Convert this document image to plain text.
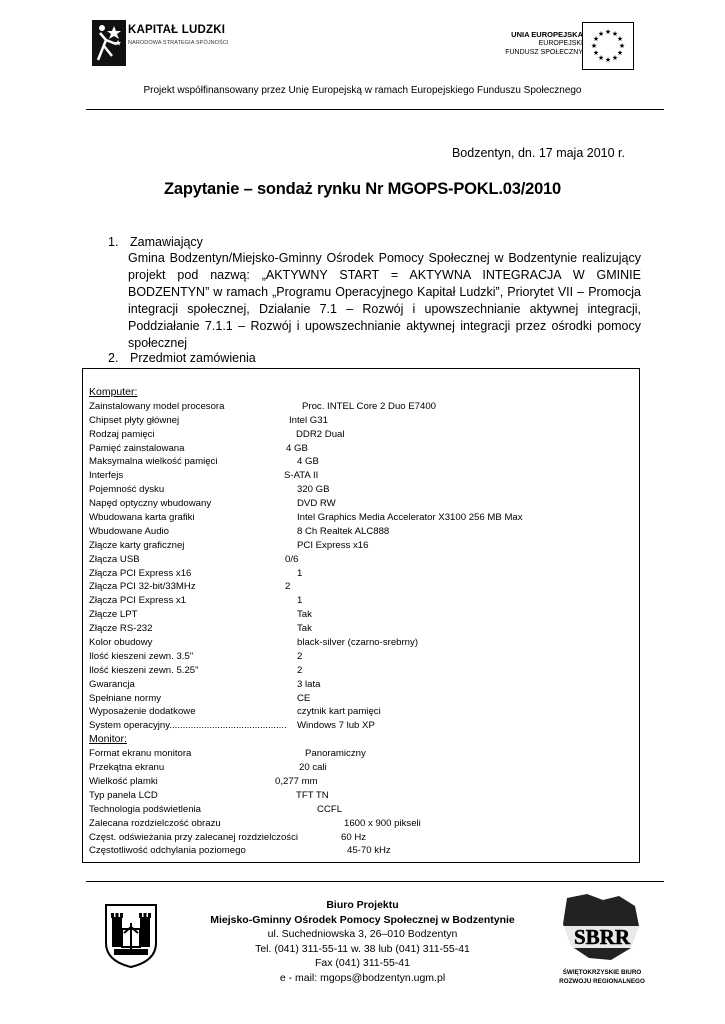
KAPITAŁ LUDZKI
NARODOWA STRATEGIA SPÓJNOŚCI
UNIA EUROPEJSKA
EUROPEJSKI
FUNDUSZ SPOŁECZNY
★ ★
★
★
★
★
★
★
★
★
★
★
Projekt współfinansowany przez Unię Europejską w ramach Europejskiego Funduszu Społecznego
Bodzentyn, dn. 17 maja 2010 r.
Zapytanie – sondaż rynku Nr MGOPS-POKL.03/2010
1. Zamawiający
Gmina Bodzentyn/Miejsko-Gminny Ośrodek Pomocy Społecznej w Bodzentynie realizujący projekt pod nazwą: „AKTYWNY START = AKTYWNA INTEGRACJA W GMINIE BODZENTYN” w ramach „Programu Operacyjnego Kapitał Ludzki”, Priorytet VII – Promocja integracji społecznej, Działanie 7.1 – Rozwój i upowszechnianie aktywnej integracji, Poddziałanie 7.1.1 – Rozwój i upowszechnianie aktywnej integracji przez ośrodki pomocy społecznej
2. Przedmiot zamówienia
Komputer:
Zainstalowany model procesora	Proc. INTEL Core 2 Duo E7400
Chipset płyty głównej	Intel G31
Rodzaj pamięci	DDR2 Dual
Pamięć zainstalowana	4 GB
Maksymalna wielkość pamięci	4 GB
Interfejs	S-ATA II
Pojemność dysku	320 GB
Napęd optyczny wbudowany	DVD RW
Wbudowana karta grafiki	Intel Graphics Media Accelerator X3100 256 MB Max
Wbudowane Audio	8 Ch Realtek ALC888
Złącze karty graficznej	PCI Express x16
Złącza USB	0/6
Złącza PCI Express x16	1
Złącza PCI 32-bit/33MHz	2
Złącza PCI Express x1	1
Złącze LPT	Tak
Złącze RS-232	Tak
Kolor obudowy	black-silver (czarno-srebrny)
Ilość kieszeni zewn. 3.5"	2
Ilość kieszeni zewn. 5.25"	2
Gwarancja	3 lata
Spełniane normy	CE
Wyposażenie dodatkowe	czytnik kart pamięci
System operacyjny............................................ Windows 7 lub XP
Monitor:
Format ekranu monitora	Panoramiczny
Przekątna ekranu	20 cali
Wielkość plamki	0,277 mm
Typ panela LCD	TFT TN
Technologia podświetlenia	CCFL
Zalecana rozdzielczość obrazu	1600 x 900 pikseli
Częst. odświeżania przy zalecanej rozdzielczości	60 Hz
Częstotliwość odchylania poziomego	45-70 kHz
Biuro Projektu
Miejsko-Gminny Ośrodek Pomocy Społecznej w Bodzentynie
ul. Suchedniowska 3, 26–010 Bodzentyn
Tel. (041) 311-55-11 w. 38 lub (041) 311-55-41
Fax (041) 311-55-41
e - mail: mgops@bodzentyn.ugm.pl
SBRR
ŚWIĘTOKRZYSKIE BIURO
ROZWOJU REGIONALNEGO
